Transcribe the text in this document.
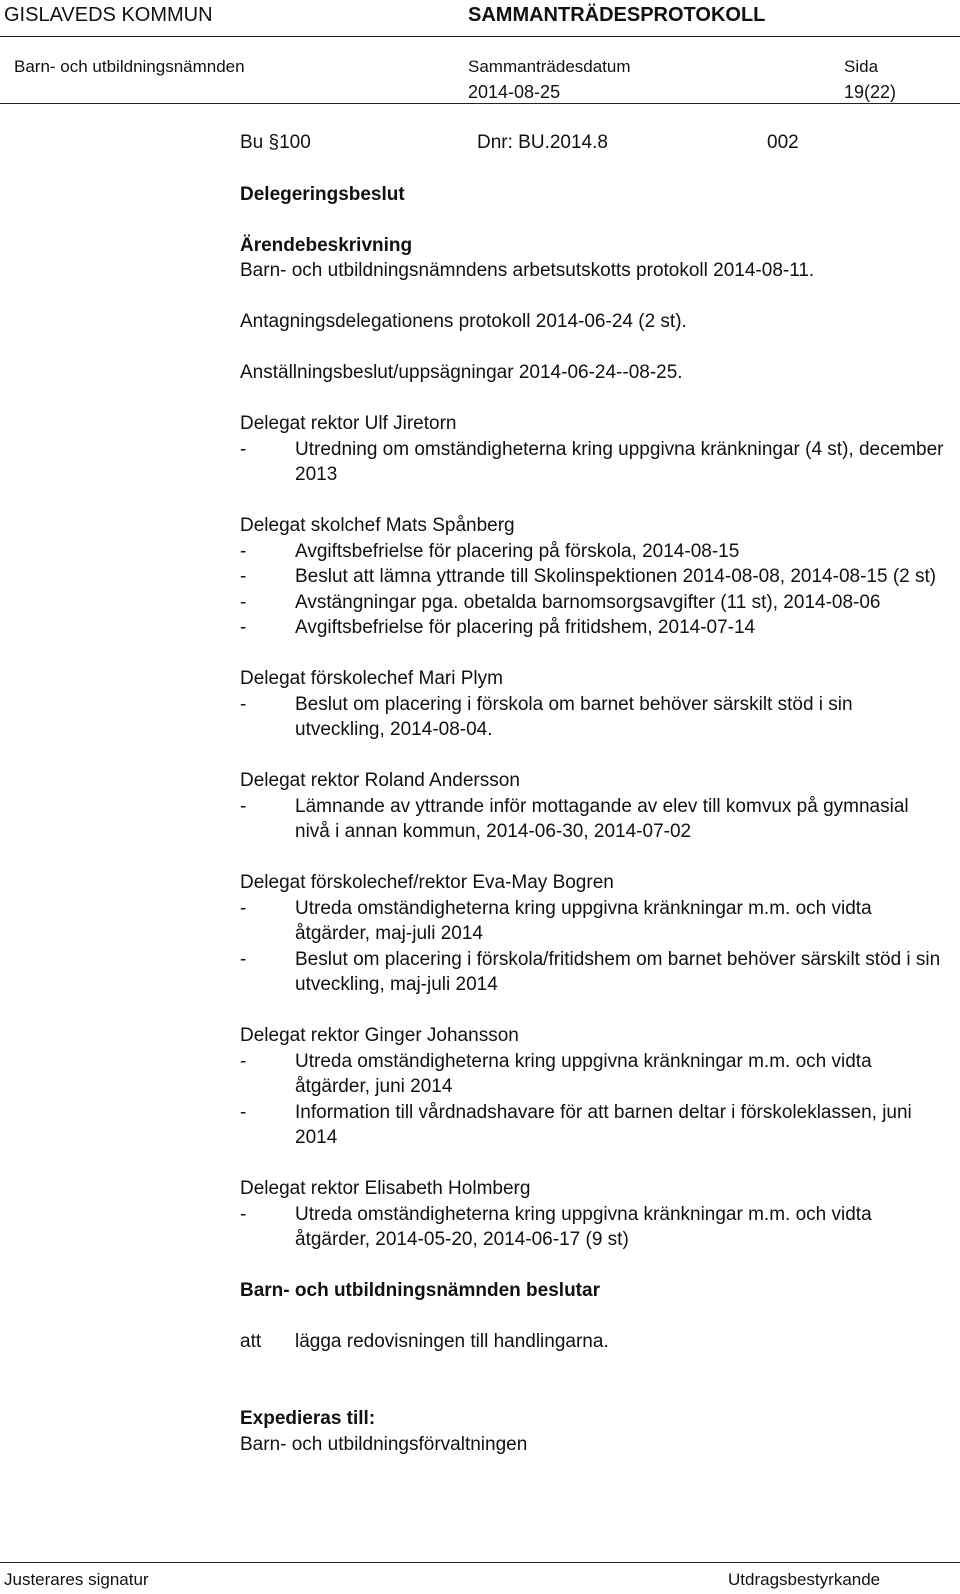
GISLAVEDS KOMMUN	SAMMANTRÄDESPROTOKOLL
Barn- och utbildningsnämnden	Sammanträdesdatum	Sida
2014-08-25	19(22)
Bu §100	Dnr: BU.2014.8	002
Delegeringsbeslut
Ärendebeskrivning
Barn- och utbildningsnämndens arbetsutskotts protokoll 2014-08-11.
Antagningsdelegationens protokoll 2014-06-24 (2 st).
Anställningsbeslut/uppsägningar 2014-06-24--08-25.
Delegat rektor Ulf Jiretorn
-	Utredning om omständigheterna kring uppgivna kränkningar (4 st), december 2013
Delegat skolchef Mats Spånberg
-	Avgiftsbefrielse för placering på förskola, 2014-08-15
-	Beslut att lämna yttrande till Skolinspektionen 2014-08-08, 2014-08-15 (2 st)
-	Avstängningar pga. obetalda barnomsorgsavgifter (11 st), 2014-08-06
-	Avgiftsbefrielse för placering på fritidshem, 2014-07-14
Delegat förskolechef Mari Plym
-	Beslut om placering i förskola om barnet behöver särskilt stöd i sin utveckling, 2014-08-04.
Delegat rektor Roland Andersson
-	Lämnande av yttrande inför mottagande av elev till komvux på gymnasial nivå i annan kommun, 2014-06-30, 2014-07-02
Delegat förskolechef/rektor Eva-May Bogren
-	Utreda omständigheterna kring uppgivna kränkningar m.m. och vidta åtgärder, maj-juli 2014
-	Beslut om placering i förskola/fritidshem om barnet behöver särskilt stöd i sin utveckling, maj-juli 2014
Delegat rektor Ginger Johansson
-	Utreda omständigheterna kring uppgivna kränkningar m.m. och vidta åtgärder, juni 2014
-	Information till vårdnadshavare för att barnen deltar i förskoleklassen, juni 2014
Delegat rektor Elisabeth Holmberg
-	Utreda omständigheterna kring uppgivna kränkningar m.m. och vidta åtgärder, 2014-05-20, 2014-06-17 (9 st)
Barn- och utbildningsnämnden beslutar
att lägga redovisningen till handlingarna.
Expedieras till:
Barn- och utbildningsförvaltningen
Justerares signatur	Utdragsbestyrkande
